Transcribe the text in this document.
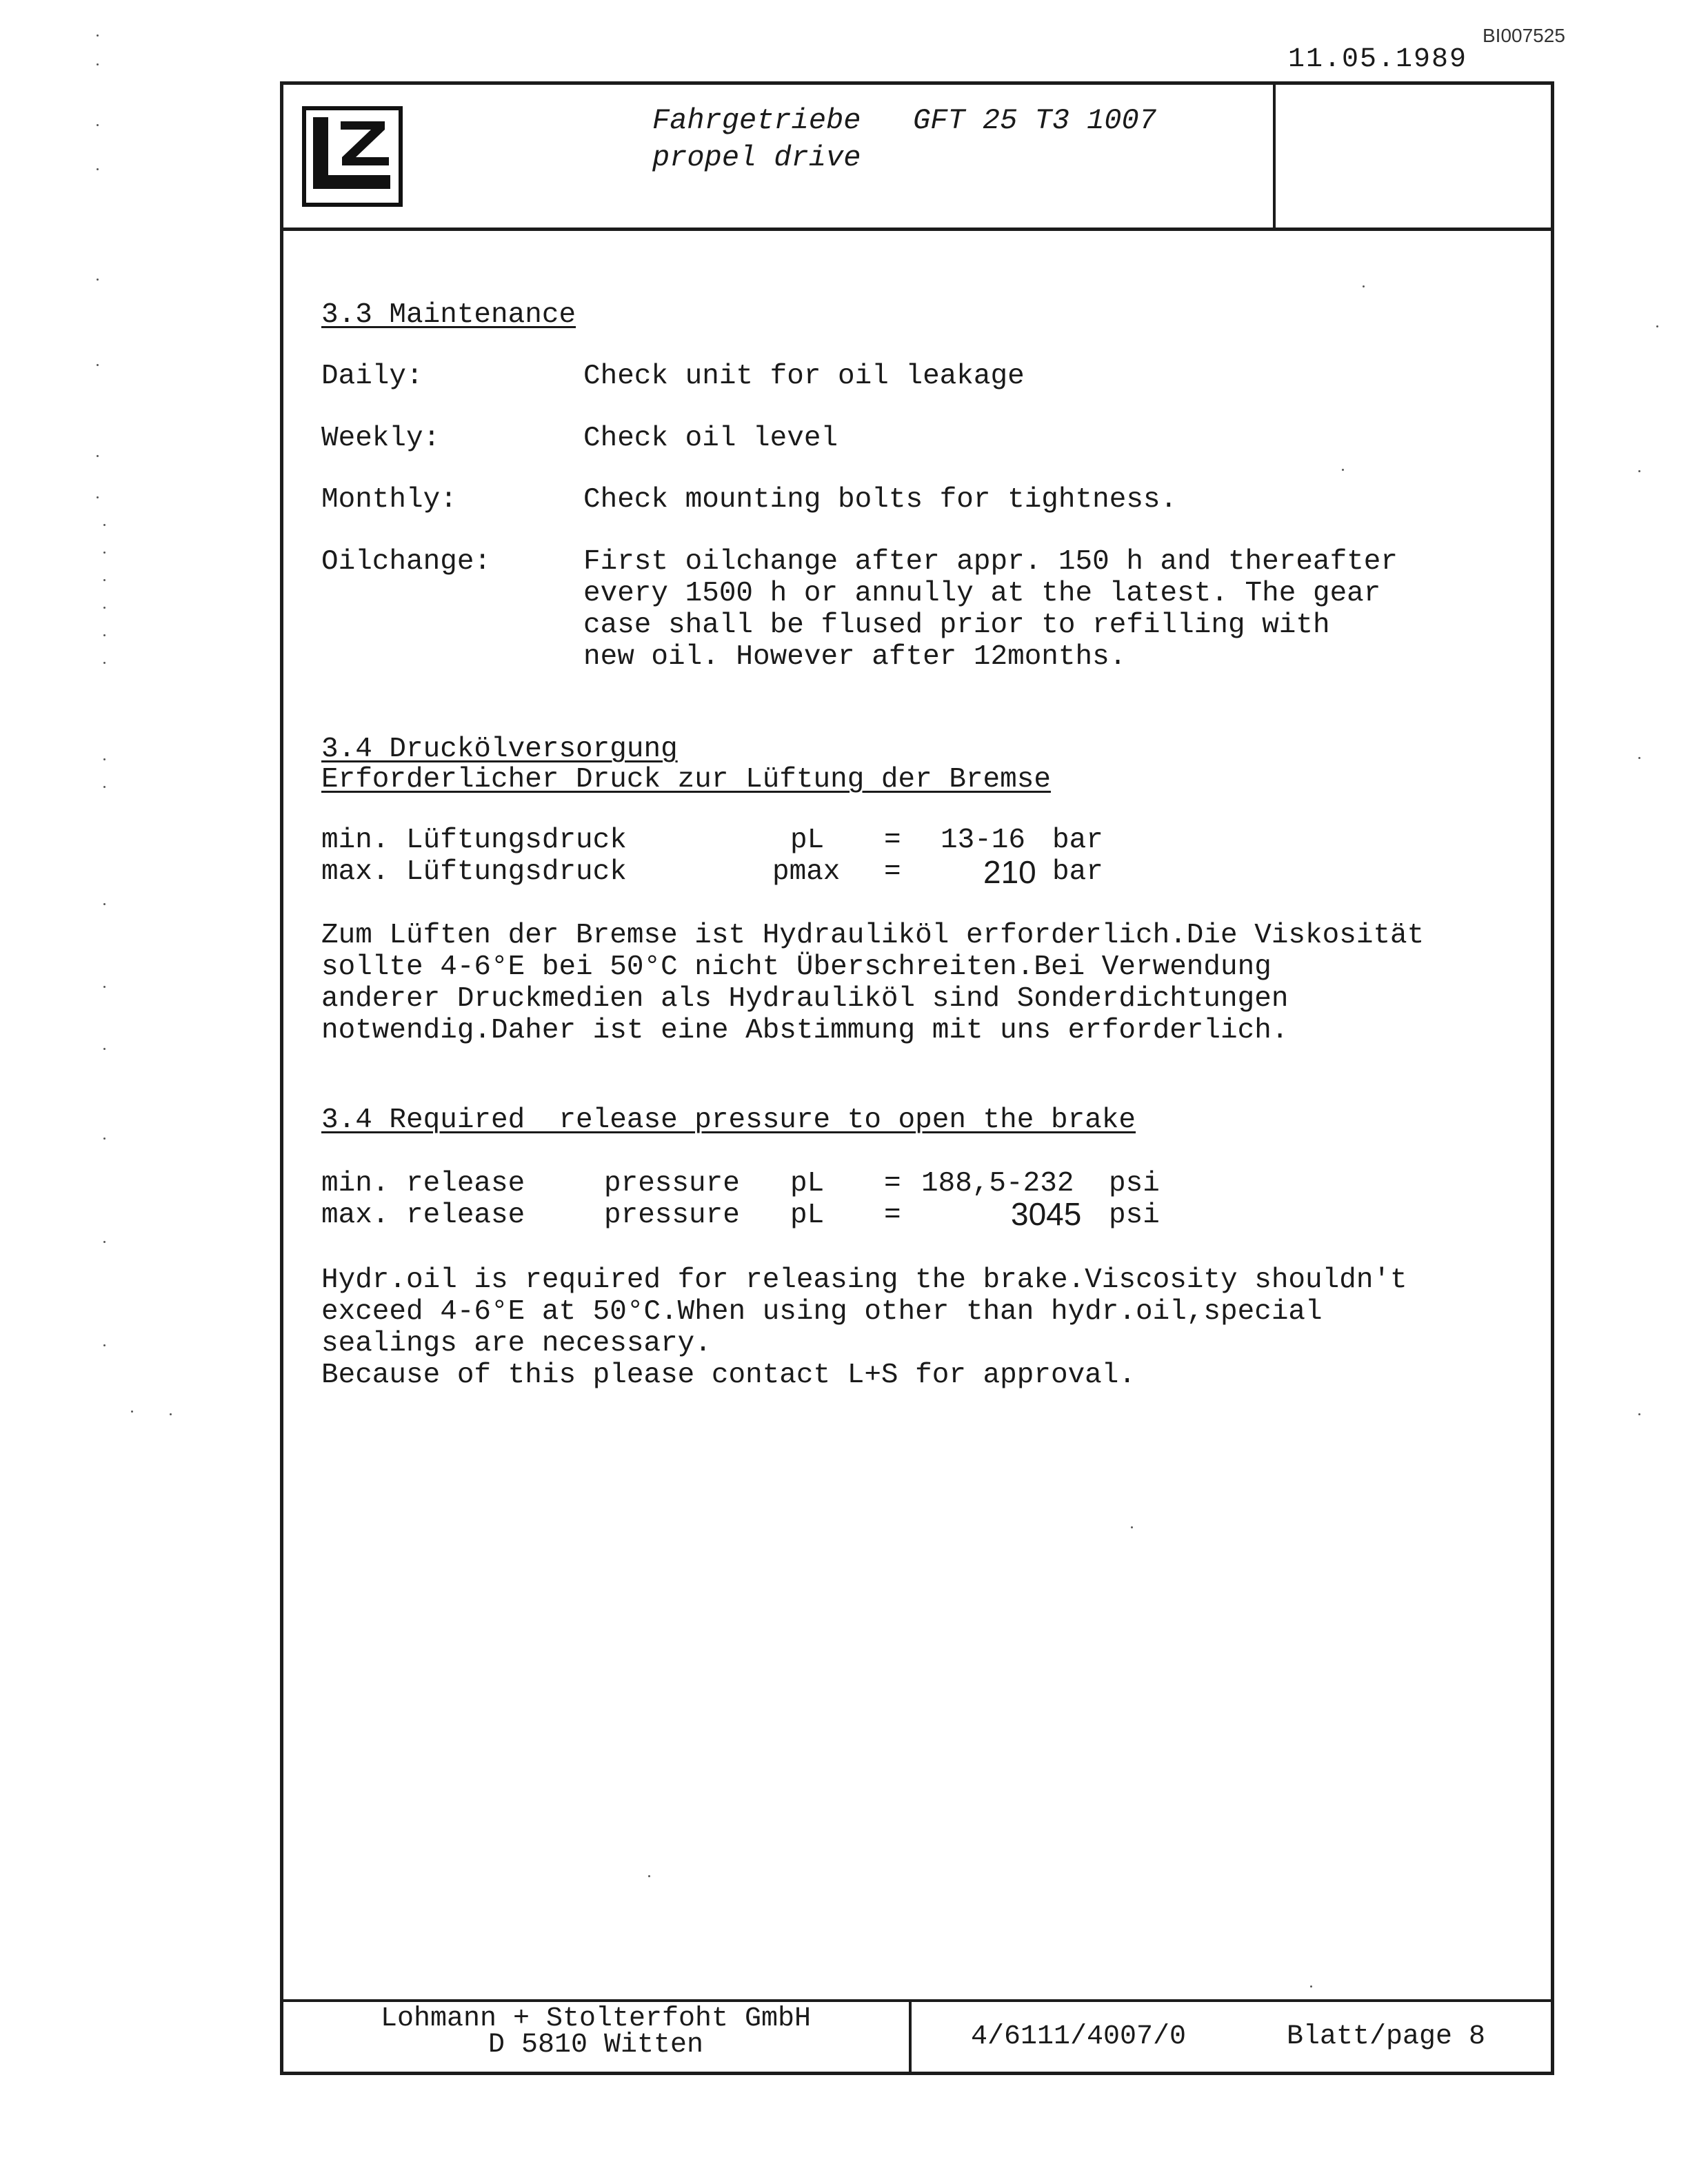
BI007525
11.05.1989
Fahrgetriebe   GFT 25 T3 1007
propel drive
3.3 Maintenance
Daily:	Check unit for oil leakage
Weekly:	Check oil level
Monthly:	Check mounting bolts for tightness.
Oilchange:	First oilchange after appr. 150 h and thereafter
every 1500 h or annully at the latest. The gear
case shall be flused prior to refilling with
new oil. However after 12months.
3.4 Druckölversorgung
Erforderlicher Druck zur Lüftung der Bremse
min. Lüftungsdruck	pL = 13-16 bar
max. Lüftungsdruck	pmax =	210 bar
Zum Lüften der Bremse ist Hydrauliköl erforderlich.Die Viskosität
sollte 4-6°E bei 50°C nicht Überschreiten.Bei Verwendung
anderer Druckmedien als Hydrauliköl sind Sonderdichtungen
notwendig.Daher ist eine Abstimmung mit uns erforderlich.
3.4 Required  release pressure to open the brake
min. release	pressure pL = 188,5-232 psi
max. release	pressure pL =	3045 psi
Hydr.oil is required for releasing the brake.Viscosity shouldn't
exceed 4-6°E at 50°C.When using other than hydr.oil,special
sealings are necessary.
Because of this please contact L+S for approval.
Lohmann + Stolterfoht GmbH
D 5810 Witten	4/6111/4007/0	Blatt/page 8
